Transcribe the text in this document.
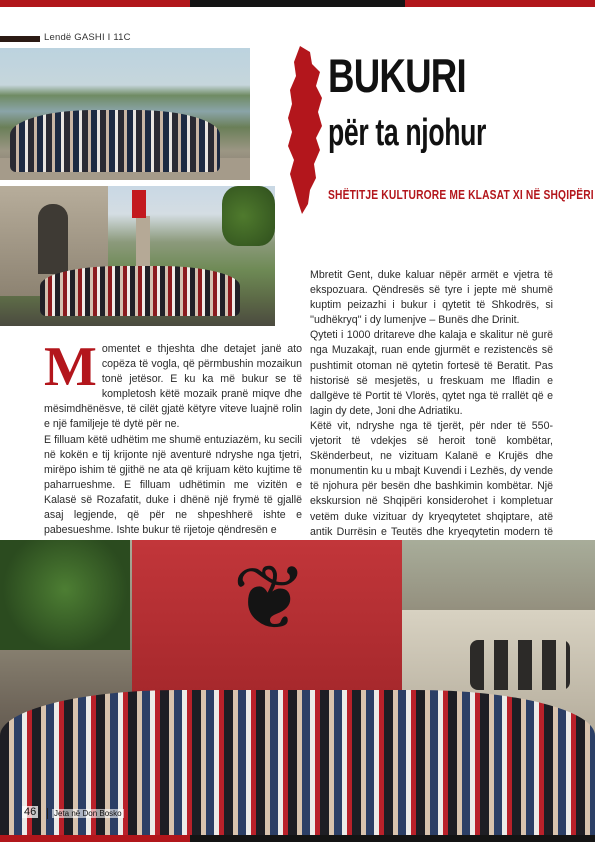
Lendë GASHI I 11C
BUKURI
për ta njohur
SHËTITJE KULTURORE ME KLASAT XI NË SHQIPËRI

Mbretit Gent, duke kaluar nëpër armët e vjetra të ekspozuara. Qëndresës së tyre i jepte më shumë kuptim peizazhi i bukur i qytetit të Shkodrës, si ''udhëkryq'' i dy lumenjve – Bunës dhe Drinit.

Qyteti i 1000 dritareve dhe kalaja e skalitur në gurë nga Muzakajt, ruan ende gjurmët e rezistencës së pushtimit otoman në qytetin fortesë të Beratit. Pas historisë së mesjetës, u freskuam me lfladin e dallgëve të Portit të Vlorës, qytet nga të rrallët që e lagin dy dete, Joni dhe Adriatiku.

Këtë vit, ndryshe nga të tjerët, për nder të 550-vjetorit të vdekjes së heroit tonë kombëtar, Skënderbeut, ne vizituam Kalanë e Krujës dhe monumentin ku u mbajt Kuvendi i Lezhës, dy vende të njohura për besën dhe bashkimin kombëtar. Një ekskursion në Shqipëri konsiderohet i kompletuar vetëm duke vizituar dy kryeqytetet shqiptare, atë antik Durrësin e Teutës dhe kryeqytetin modern të

Momentet e thjeshta dhe detajet janë ato copëza të vogla, që përmbushin mozaikun tonë jetësor. E ku ka më bukur se të kompletosh këtë mozaik pranë miqve dhe mësimdhënësve, të cilët gjatë këtyre viteve luajnë rolin e një familjeje të dytë për ne.

E filluam këtë udhëtim me shumë entuziazëm, ku secili në kokën e tij krijonte një aventurë ndryshe nga tjetri, mirëpo ishim të gjithë ne ata që krijuam këto kujtime të paharrueshme. E filluam udhëtimin me vizitën e Kalasë së Rozafatit, duke i dhënë një frymë të gjallë asaj legjende, që për ne shpeshherë ishte e pabesueshme. Ishte bukur të rijetoje qëndresën e

❦
46 Jeta në Don Bosko
